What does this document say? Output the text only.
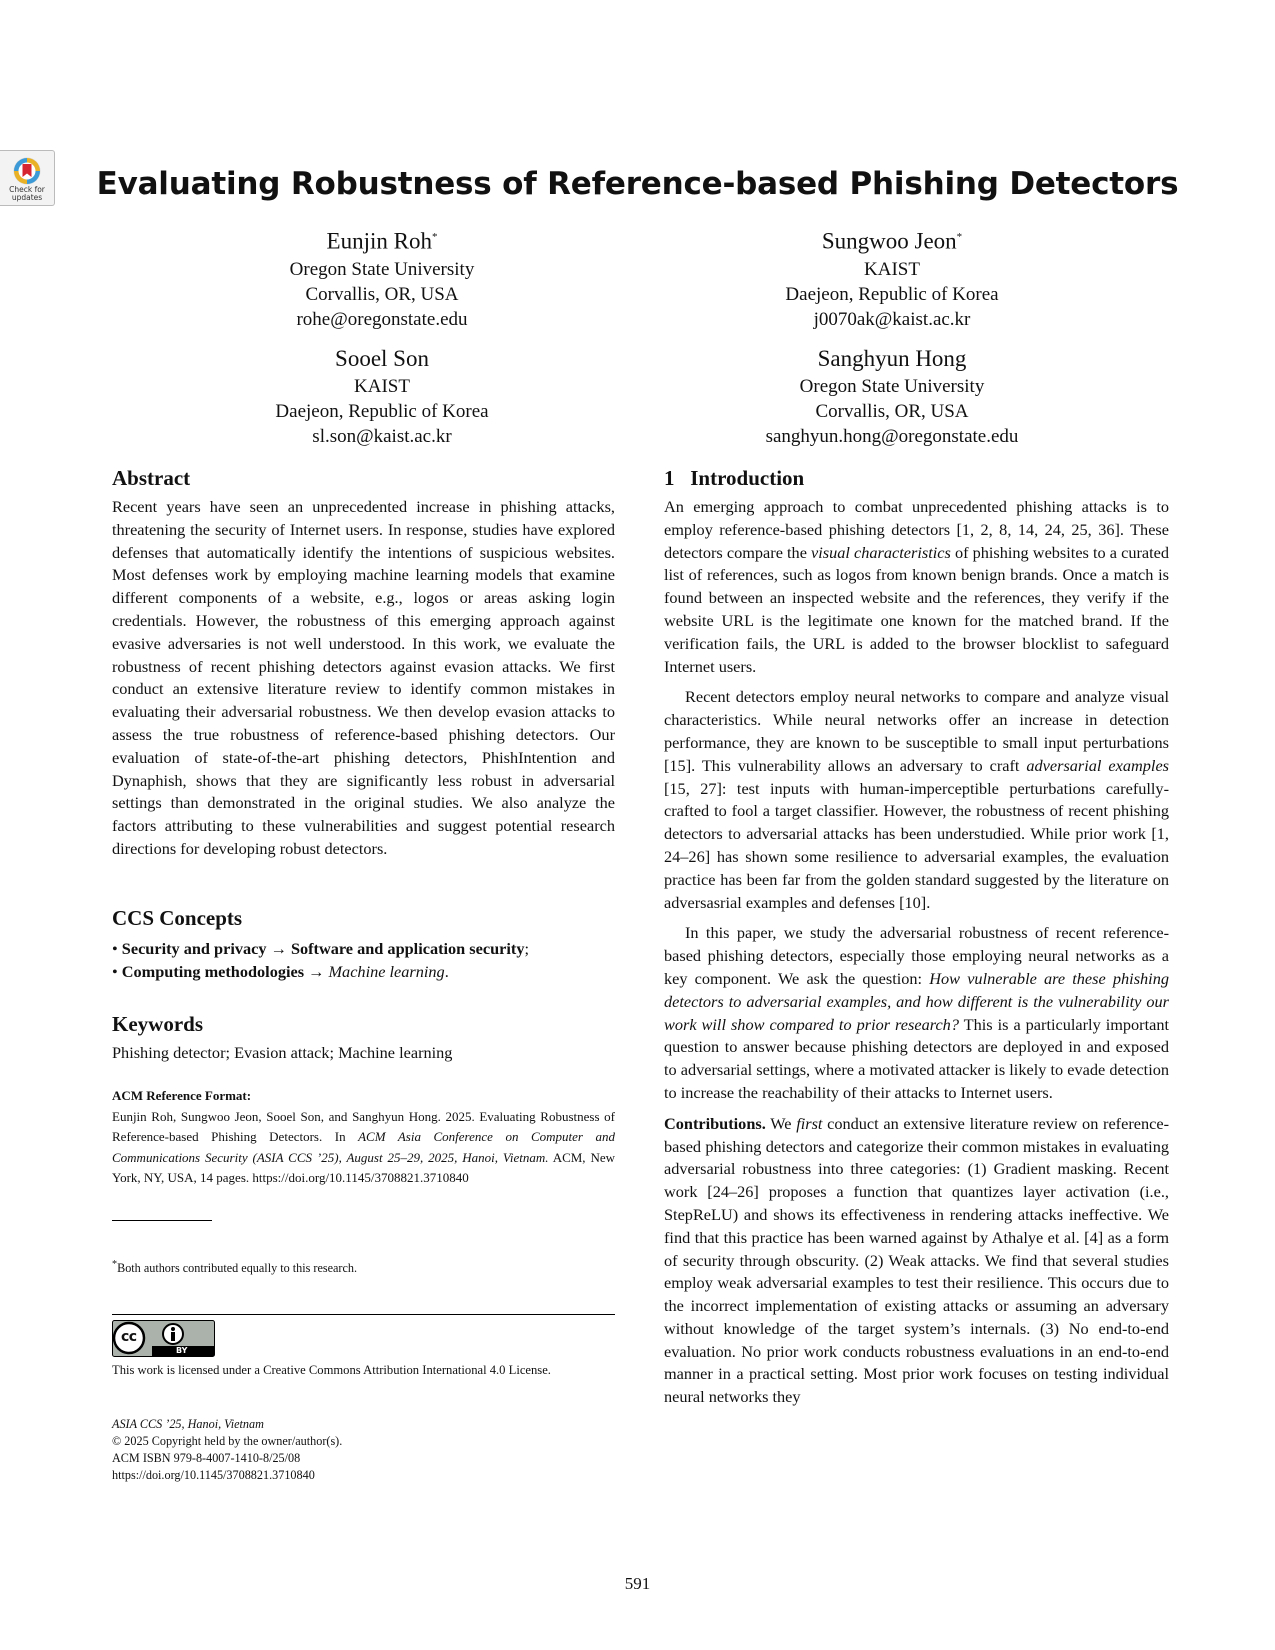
Check for
updates	Evaluating Robustness of Reference-based Phishing Detectors
Eunjin Roh*
Oregon State University
Corvallis, OR, USA
rohe@oregonstate.edu
Sungwoo Jeon*
KAIST
Daejeon, Republic of Korea
j0070ak@kaist.ac.kr
Sooel Son
KAIST
Daejeon, Republic of Korea
sl.son@kaist.ac.kr
Sanghyun Hong
Oregon State University
Corvallis, OR, USA
sanghyun.hong@oregonstate.edu
Abstract
Recent years have seen an unprecedented increase in phishing attacks, threatening the security of Internet users. In response, studies have explored defenses that automatically identify the intentions of suspicious websites. Most defenses work by employing machine learning models that examine different components of a website, e.g., logos or areas asking login credentials. However, the robustness of this emerging approach against evasive adversaries is not well understood. In this work, we evaluate the robustness of recent phishing detectors against evasion attacks. We first conduct an extensive literature review to identify common mistakes in evaluating their adversarial robustness. We then develop evasion attacks to assess the true robustness of reference-based phishing detectors. Our evaluation of state-of-the-art phishing detectors, PhishIntention and Dynaphish, shows that they are significantly less robust in adversarial settings than demonstrated in the original studies. We also analyze the factors attributing to these vulnerabilities and suggest potential research directions for developing robust detectors.
CCS Concepts
• Security and privacy → Software and application security;
• Computing methodologies → Machine learning.
Keywords
Phishing detector; Evasion attack; Machine learning
ACM Reference Format:
Eunjin Roh, Sungwoo Jeon, Sooel Son, and Sanghyun Hong. 2025. Evaluating Robustness of Reference-based Phishing Detectors. In ACM Asia Conference on Computer and Communications Security (ASIA CCS ’25), August 25–29, 2025, Hanoi, Vietnam. ACM, New York, NY, USA, 14 pages. https://doi.org/10.1145/3708821.3710840
*Both authors contributed equally to this research.
cc
BY
This work is licensed under a Creative Commons Attribution International 4.0 License.
ASIA CCS ’25, Hanoi, Vietnam
© 2025 Copyright held by the owner/author(s).
ACM ISBN 979-8-4007-1410-8/25/08
https://doi.org/10.1145/3708821.3710840
1 Introduction
An emerging approach to combat unprecedented phishing attacks is to employ reference-based phishing detectors [1, 2, 8, 14, 24, 25, 36]. These detectors compare the visual characteristics of phishing websites to a curated list of references, such as logos from known benign brands. Once a match is found between an inspected website and the references, they verify if the website URL is the legitimate one known for the matched brand. If the verification fails, the URL is added to the browser blocklist to safeguard Internet users.
Recent detectors employ neural networks to compare and analyze visual characteristics. While neural networks offer an increase in detection performance, they are known to be susceptible to small input perturbations [15]. This vulnerability allows an adversary to craft adversarial examples [15, 27]: test inputs with human-imperceptible perturbations carefully-crafted to fool a target classifier. However, the robustness of recent phishing detectors to adversarial attacks has been understudied. While prior work [1, 24–26] has shown some resilience to adversarial examples, the evaluation practice has been far from the golden standard suggested by the literature on adversasrial examples and defenses [10].
In this paper, we study the adversarial robustness of recent reference-based phishing detectors, especially those employing neural networks as a key component. We ask the question: How vulnerable are these phishing detectors to adversarial examples, and how different is the vulnerability our work will show compared to prior research? This is a particularly important question to answer because phishing detectors are deployed in and exposed to adversarial settings, where a motivated attacker is likely to evade detection to increase the reachability of their attacks to Internet users.
Contributions. We first conduct an extensive literature review on reference-based phishing detectors and categorize their common mistakes in evaluating adversarial robustness into three categories: (1) Gradient masking. Recent work [24–26] proposes a function that quantizes layer activation (i.e., StepReLU) and shows its effectiveness in rendering attacks ineffective. We find that this practice has been warned against by Athalye et al. [4] as a form of security through obscurity. (2) Weak attacks. We find that several studies employ weak adversarial examples to test their resilience. This occurs due to the incorrect implementation of existing attacks or assuming an adversary without knowledge of the target system’s internals. (3) No end-to-end evaluation. No prior work conducts robustness evaluations in an end-to-end manner in a practical setting. Most prior work focuses on testing individual neural networks they
591
